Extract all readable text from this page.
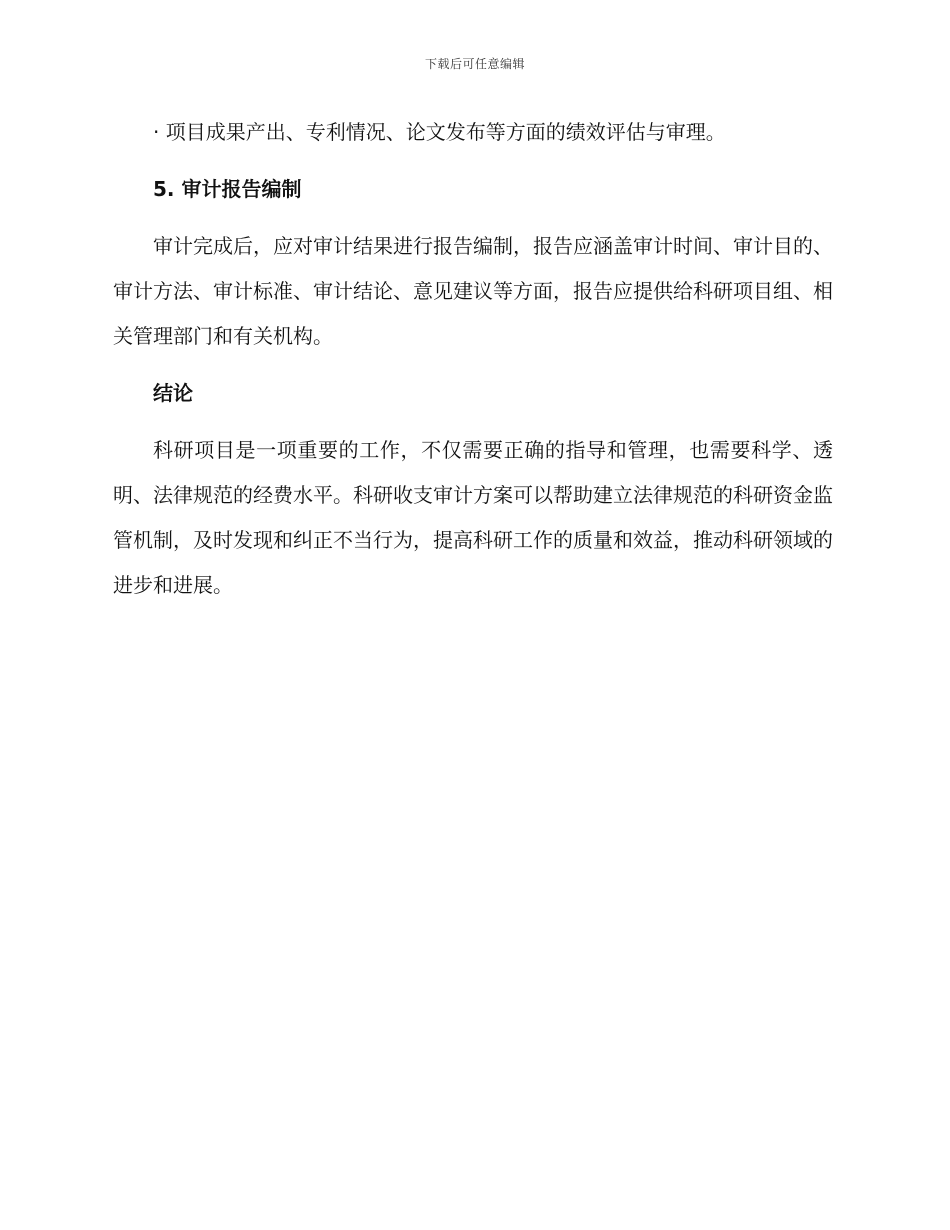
下载后可任意编辑

· 项目成果产出、专利情况、论文发布等方面的绩效评估与审理。

5. 审计报告编制

审计完成后，应对审计结果进行报告编制，报告应涵盖审计时间、审计目的、审计方法、审计标准、审计结论、意见建议等方面，报告应提供给科研项目组、相关管理部门和有关机构。

结论

科研项目是一项重要的工作，不仅需要正确的指导和管理，也需要科学、透明、法律规范的经费水平。科研收支审计方案可以帮助建立法律规范的科研资金监管机制，及时发现和纠正不当行为，提高科研工作的质量和效益，推动科研领域的进步和进展。
